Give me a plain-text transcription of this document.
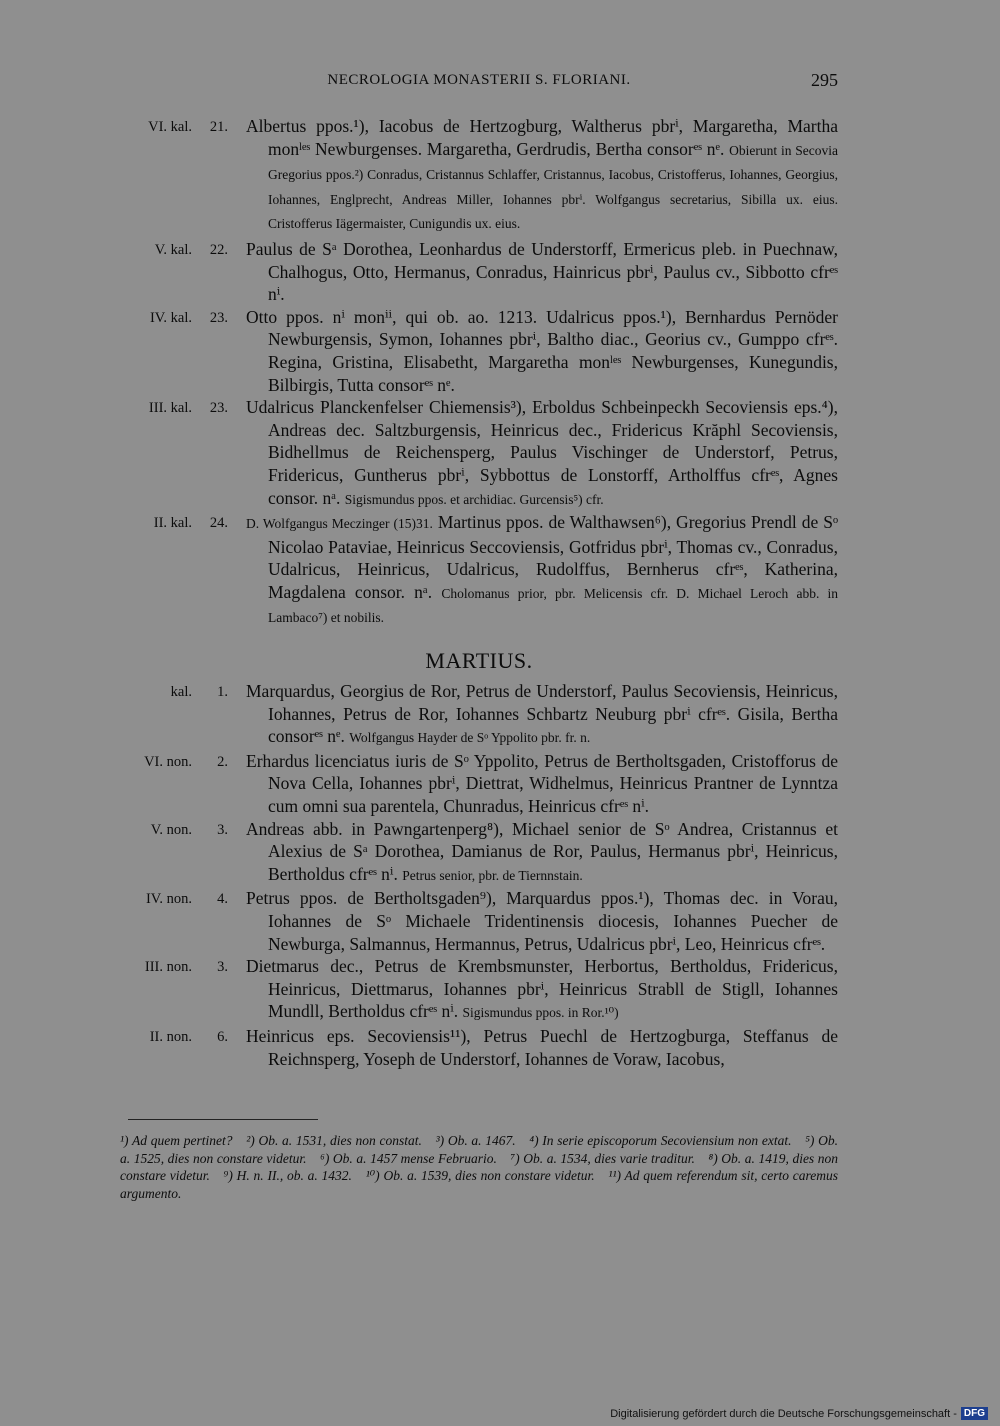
NECROLOGIA MONASTERII S. FLORIANI.	295
VI. kal.	21. Albertus ppos.¹), Iacobus de Hertzogburg, Waltherus pbrⁱ, Margaretha, Martha monˡᵉˢ Newburgenses. Margaretha, Gerdrudis, Bertha consorᵉˢ nᵉ. Obierunt in Secovia Gregorius ppos.²) Conradus, Cristannus Schlaffer, Cristannus, Iacobus, Cristofferus, Iohannes, Georgius, Iohannes, Englprecht, Andreas Miller, Iohannes pbrⁱ. Wolfgangus secretarius, Sibilla ux. eius. Cristofferus Iägermaister, Cunigundis ux. eius.
V. kal.	22. Paulus de Sᵃ Dorothea, Leonhardus de Understorff, Ermericus pleb. in Puechnaw, Chalhogus, Otto, Hermanus, Conradus, Hainricus pbrⁱ, Paulus cv., Sibbotto cfrᵉˢ nⁱ.
IV. kal.	23. Otto ppos. nⁱ monⁱⁱ, qui ob. ao. 1213. Udalricus ppos.¹), Bernhardus Pernöder Newburgensis, Symon, Iohannes pbrⁱ, Baltho diac., Georius cv., Gumppo cfrᵉˢ. Regina, Gristina, Elisabetht, Margaretha monˡᵉˢ Newburgenses, Kunegundis, Bilbirgis, Tutta consorᵉˢ nᵉ.
III. kal.	23. Udalricus Planckenfelser Chiemensis³), Erboldus Schbeinpeckh Secoviensis eps.⁴), Andreas dec. Saltzburgensis, Heinricus dec., Fridericus Krăphl Secoviensis, Bidhellmus de Reichensperg, Paulus Vischinger de Understorf, Petrus, Fridericus, Guntherus pbrⁱ, Sybbottus de Lonstorff, Artholffus cfrᵉˢ, Agnes consor. nᵃ. Sigismundus ppos. et archidiac. Gurcensis⁵) cfr.
II. kal.	24. D. Wolfgangus Meczinger (15)31. Martinus ppos. de Walthawsen⁶), Gregorius Prendl de Sᵒ Nicolao Pataviae, Heinricus Seccoviensis, Gotfridus pbrⁱ, Thomas cv., Conradus, Udalricus, Heinricus, Udalricus, Rudolffus, Bernherus cfrᵉˢ, Katherina, Magdalena consor. nᵃ. Cholomanus prior, pbr. Melicensis cfr. D. Michael Leroch abb. in Lambaco⁷) et nobilis.
MARTIUS.
kal.	1. Marquardus, Georgius de Ror, Petrus de Understorf, Paulus Secoviensis, Heinricus, Iohannes, Petrus de Ror, Iohannes Schbartz Neuburg pbrⁱ cfrᵉˢ. Gisila, Bertha consorᵉˢ nᵉ. Wolfgangus Hayder de Sᵒ Yppolito pbr. fr. n.
VI. non.	2. Erhardus licenciatus iuris de Sᵒ Yppolito, Petrus de Bertholtsgaden, Cristofforus de Nova Cella, Iohannes pbrⁱ, Diettrat, Widhelmus, Heinricus Prantner de Lynntza cum omni sua parentela, Chunradus, Heinricus cfrᵉˢ nⁱ.
V. non.	3. Andreas abb. in Pawngartenperg⁸), Michael senior de Sᵒ Andrea, Cristannus et Alexius de Sᵃ Dorothea, Damianus de Ror, Paulus, Hermanus pbrⁱ, Heinricus, Bertholdus cfrᵉˢ nⁱ. Petrus senior, pbr. de Tiernnstain.
IV. non.	4. Petrus ppos. de Bertholtsgaden⁹), Marquardus ppos.¹), Thomas dec. in Vorau, Iohannes de Sᵒ Michaele Tridentinensis diocesis, Iohannes Puecher de Newburga, Salmannus, Hermannus, Petrus, Udalricus pbrⁱ, Leo, Heinricus cfrᵉˢ.
III. non.	3. Dietmarus dec., Petrus de Krembsmunster, Herbortus, Bertholdus, Fridericus, Heinricus, Diettmarus, Iohannes pbrⁱ, Heinricus Strabll de Stigll, Iohannes Mundll, Bertholdus cfrᵉˢ nⁱ. Sigismundus ppos. in Ror.¹⁰)
II. non.	6. Heinricus eps. Secoviensis¹¹), Petrus Puechl de Hertzogburga, Steffanus de Reichnsperg, Yoseph de Understorf, Iohannes de Voraw, Iacobus,
¹) Ad quem pertinet? ²) Ob. a. 1531, dies non constat. ³) Ob. a. 1467. ⁴) In serie episcoporum Secoviensium non extat. ⁵) Ob. a. 1525, dies non constare videtur. ⁶) Ob. a. 1457 mense Februario. ⁷) Ob. a. 1534, dies varie traditur. ⁸) Ob. a. 1419, dies non constare videtur. ⁹) H. n. II., ob. a. 1432. ¹⁰) Ob. a. 1539, dies non constare videtur. ¹¹) Ad quem referendum sit, certo caremus argumento.
Digitalisierung gefördert durch die Deutsche Forschungsgemeinschaft - DFG
